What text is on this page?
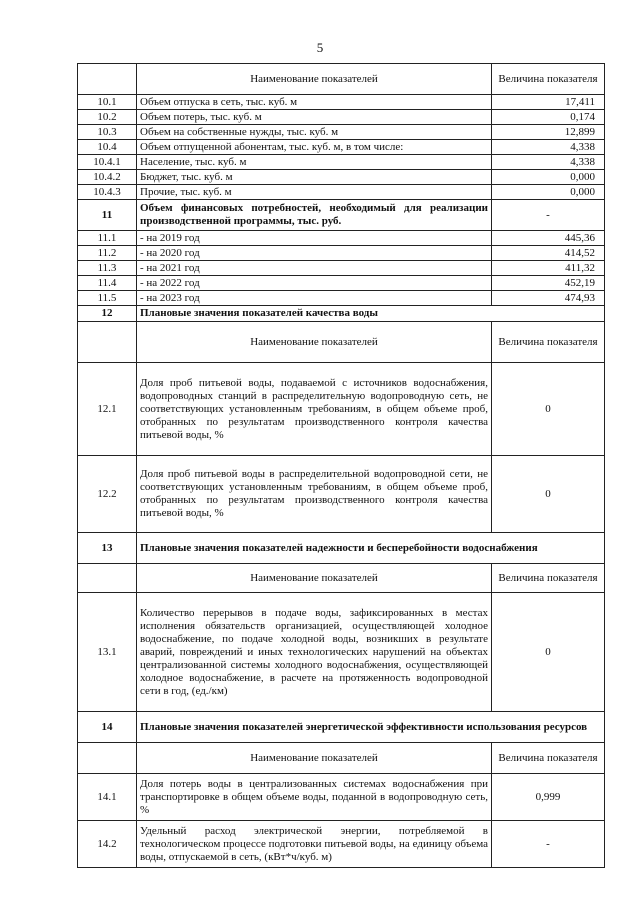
5
	Наименование показателей	Величина показателя
10.1	Объем отпуска в сеть, тыс. куб. м	17,411
10.2	Объем потерь, тыс. куб. м	0,174
10.3	Объем на собственные нужды, тыс. куб. м	12,899
10.4	Объем отпущенной абонентам, тыс. куб. м, в том числе:	4,338
10.4.1	Население, тыс. куб. м	4,338
10.4.2	Бюджет, тыс. куб. м	0,000
10.4.3	Прочие, тыс. куб. м	0,000
11	Объем финансовых потребностей, необходимый для реализации производственной программы, тыс. руб.	-
11.1	- на 2019 год	445,36
11.2	- на 2020 год	414,52
11.3	- на 2021 год	411,32
11.4	- на 2022 год	452,19
11.5	- на 2023 год	474,93
12	Плановые значения показателей качества воды	
	Наименование показателей	Величина показателя
12.1	Доля проб питьевой воды, подаваемой с источников водоснабжения, водопроводных станций в распределительную водопроводную сеть, не соответствующих установленным требованиям, в общем объеме проб, отобранных по результатам производственного контроля качества питьевой воды, %	0
12.2	Доля проб питьевой воды в распределительной водопроводной сети, не соответствующих установленным требованиям, в общем объеме проб, отобранных по результатам производственного контроля качества питьевой воды, %	0
13	Плановые значения показателей надежности и бесперебойности водоснабжения	
	Наименование показателей	Величина показателя
13.1	Количество перерывов в подаче воды, зафиксированных в местах исполнения обязательств организацией, осуществляющей холодное водоснабжение, по подаче холодной воды, возникших в результате аварий, повреждений и иных технологических нарушений на объектах централизованной системы холодного водоснабжения, осуществляющей холодное водоснабжение, в расчете на протяженность водопроводной сети в год, (ед./км)	0
14	Плановые значения показателей энергетической эффективности использования ресурсов	
	Наименование показателей	Величина показателя
14.1	Доля потерь воды в централизованных системах водоснабжения при транспортировке в общем объеме воды, поданной в водопроводную сеть, %	0,999
14.2	Удельный расход электрической энергии, потребляемой в технологическом процессе подготовки питьевой воды, на единицу объема воды, отпускаемой в сеть, (кВт*ч/куб. м)	-
